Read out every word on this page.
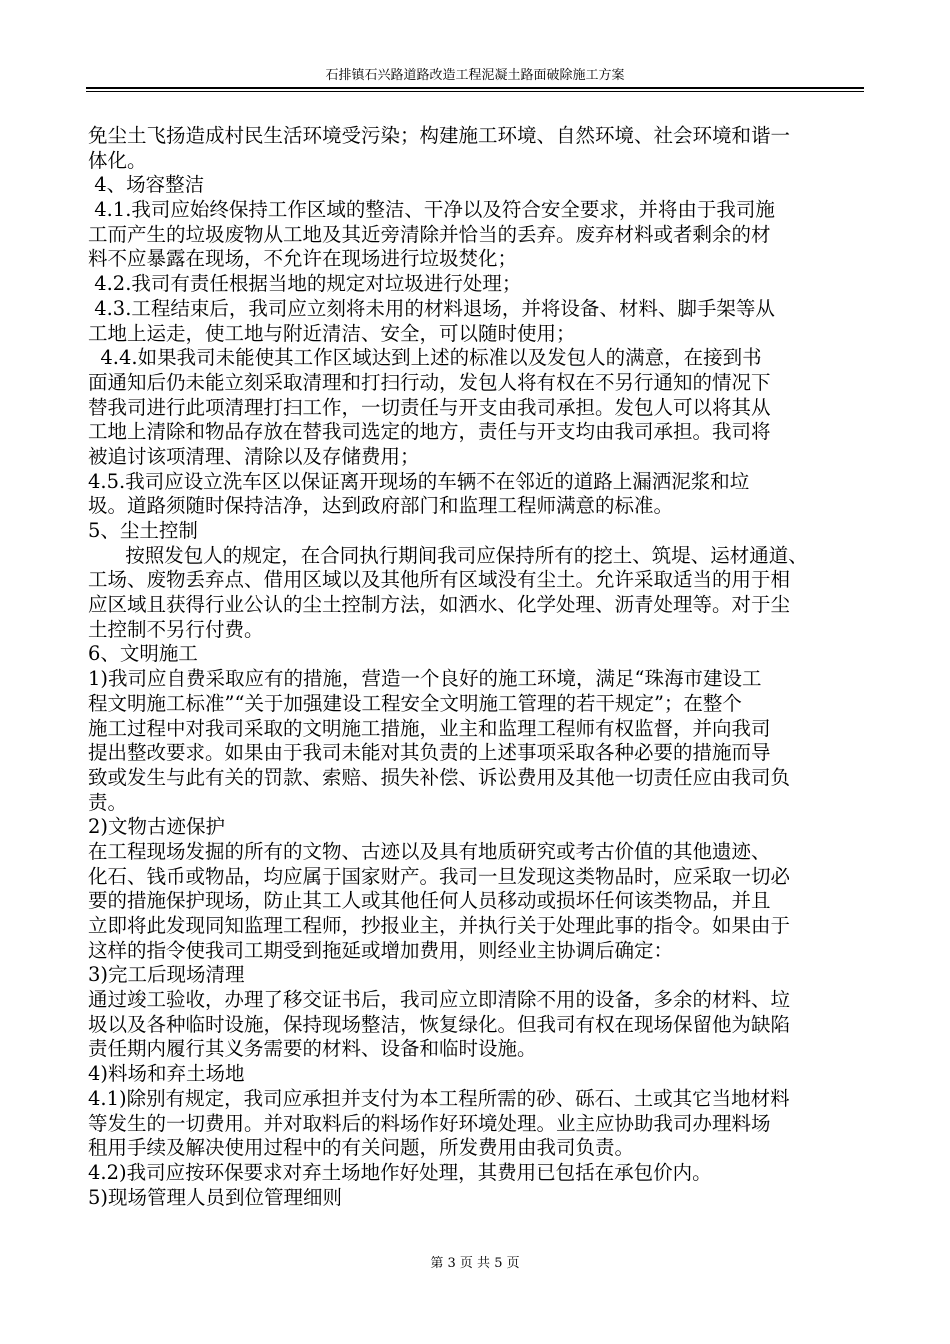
石排镇石兴路道路改造工程泥凝土路面破除施工方案
免尘土飞扬造成村民生活环境受污染；构建施工环境、自然环境、社会环境和谐一
体化。
4、场容整洁
4.1.我司应始终保持工作区域的整洁、干净以及符合安全要求，并将由于我司施
工而产生的垃圾废物从工地及其近旁清除并恰当的丢弃。废弃材料或者剩余的材
料不应暴露在现场，不允许在现场进行垃圾焚化；
4.2.我司有责任根据当地的规定对垃圾进行处理；
4.3.工程结束后，我司应立刻将未用的材料退场，并将设备、材料、脚手架等从
工地上运走，使工地与附近清洁、安全，可以随时使用；
4.4.如果我司未能使其工作区域达到上述的标准以及发包人的满意，在接到书
面通知后仍未能立刻采取清理和打扫行动，发包人将有权在不另行通知的情况下
替我司进行此项清理打扫工作，一切责任与开支由我司承担。发包人可以将其从
工地上清除和物品存放在替我司选定的地方，责任与开支均由我司承担。我司将
被追讨该项清理、清除以及存储费用；
4.5.我司应设立洗车区以保证离开现场的车辆不在邻近的道路上漏洒泥浆和垃
圾。道路须随时保持洁净，达到政府部门和监理工程师满意的标准。
5、尘土控制
按照发包人的规定，在合同执行期间我司应保持所有的挖土、筑堤、运材通道、
工场、废物丢弃点、借用区域以及其他所有区域没有尘土。允许采取适当的用于相
应区域且获得行业公认的尘土控制方法，如洒水、化学处理、沥青处理等。对于尘
土控制不另行付费。
6、文明施工
1)我司应自费采取应有的措施，营造一个良好的施工环境，满足“珠海市建设工
程文明施工标准”“关于加强建设工程安全文明施工管理的若干规定”；在整个
施工过程中对我司采取的文明施工措施，业主和监理工程师有权监督，并向我司
提出整改要求。如果由于我司未能对其负责的上述事项采取各种必要的措施而导
致或发生与此有关的罚款、索赔、损失补偿、诉讼费用及其他一切责任应由我司负
责。
2)文物古迹保护
在工程现场发掘的所有的文物、古迹以及具有地质研究或考古价值的其他遗迹、
化石、钱币或物品，均应属于国家财产。我司一旦发现这类物品时，应采取一切必
要的措施保护现场，防止其工人或其他任何人员移动或损坏任何该类物品，并且
立即将此发现同知监理工程师，抄报业主，并执行关于处理此事的指令。如果由于
这样的指令使我司工期受到拖延或增加费用，则经业主协调后确定：
3)完工后现场清理
通过竣工验收，办理了移交证书后，我司应立即清除不用的设备，多余的材料、垃
圾以及各种临时设施，保持现场整洁，恢复绿化。但我司有权在现场保留他为缺陷
责任期内履行其义务需要的材料、设备和临时设施。
4)料场和弃土场地
4.1)除别有规定，我司应承担并支付为本工程所需的砂、砾石、土或其它当地材料
等发生的一切费用。并对取料后的料场作好环境处理。业主应协助我司办理料场
租用手续及解决使用过程中的有关问题，所发费用由我司负责。
4.2)我司应按环保要求对弃土场地作好处理，其费用已包括在承包价内。
5)现场管理人员到位管理细则
第 3 页 共 5 页
